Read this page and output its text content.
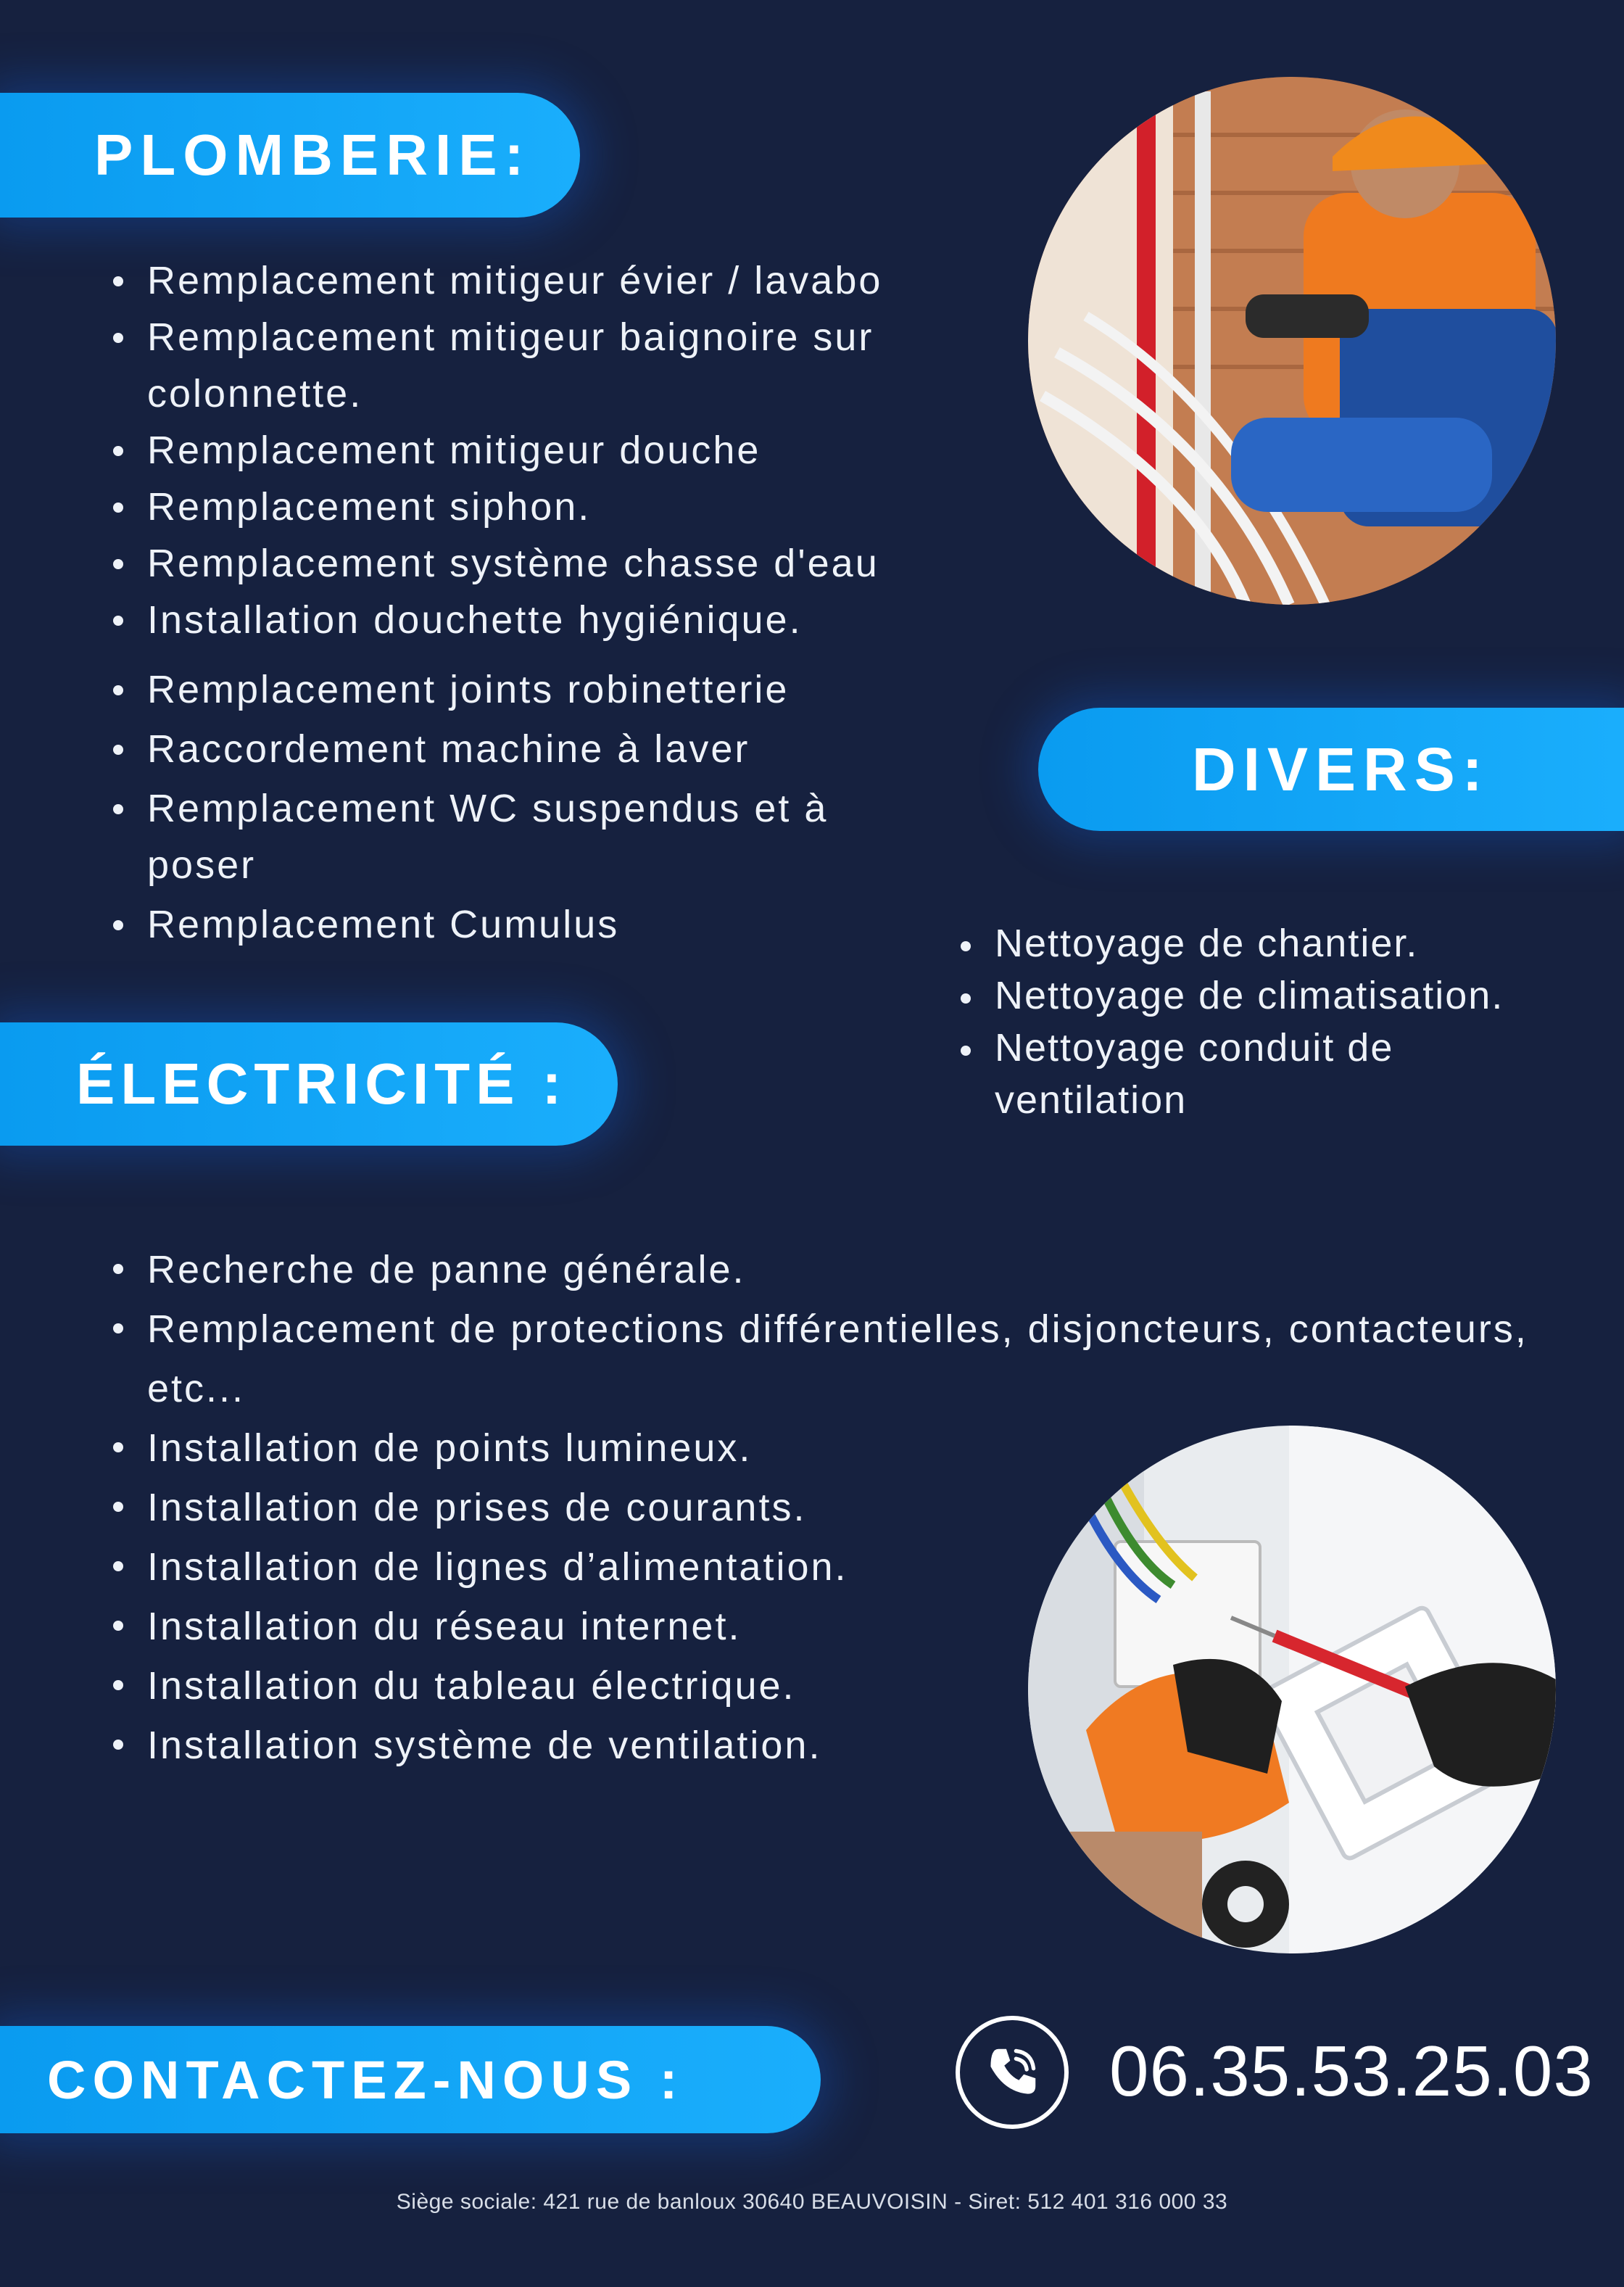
PLOMBERIE:
Remplacement mitigeur évier / lavabo
Remplacement mitigeur baignoire sur colonnette.
Remplacement mitigeur douche
Remplacement siphon.
Remplacement système chasse d'eau
Installation douchette hygiénique.
Remplacement joints robinetterie
Raccordement machine à laver
Remplacement WC suspendus et à poser
Remplacement Cumulus
DIVERS:
Nettoyage de chantier.
Nettoyage de climatisation.
Nettoyage conduit de ventilation
ÉLECTRICITÉ :
Recherche de panne générale.
Remplacement de protections différentielles, disjoncteurs, contacteurs, etc...
Installation de points lumineux.
Installation de prises de courants.
Installation de lignes d’alimentation.
Installation du réseau internet.
Installation du tableau électrique.
Installation système de ventilation.
CONTACTEZ-NOUS :	06.35.53.25.03
Siège sociale: 421 rue de banloux 30640 BEAUVOISIN - Siret: 512 401 316 000 33
